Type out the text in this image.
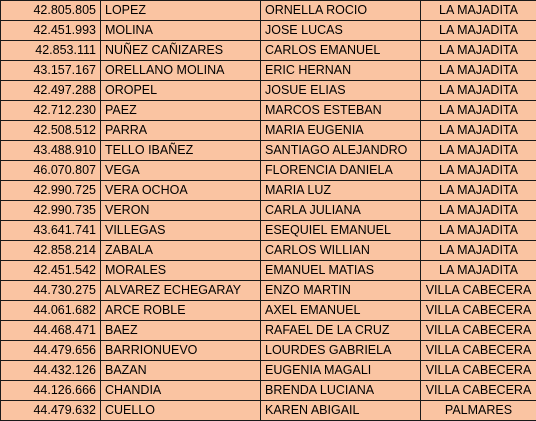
42.805.805	LOPEZ	ORNELLA ROCIO	LA MAJADITA
42.451.993	MOLINA	JOSE LUCAS	LA MAJADITA
42.853.111	NUÑEZ CAÑIZARES	CARLOS EMANUEL	LA MAJADITA
43.157.167	ORELLANO MOLINA	ERIC HERNAN	LA MAJADITA
42.497.288	OROPEL	JOSUE ELIAS	LA MAJADITA
42.712.230	PAEZ	MARCOS ESTEBAN	LA MAJADITA
42.508.512	PARRA	MARIA EUGENIA	LA MAJADITA
43.488.910	TELLO IBAÑEZ	SANTIAGO ALEJANDRO	LA MAJADITA
46.070.807	VEGA	FLORENCIA DANIELA	LA MAJADITA
42.990.725	VERA OCHOA	MARIA LUZ	LA MAJADITA
42.990.735	VERON	CARLA JULIANA	LA MAJADITA
43.641.741	VILLEGAS	ESEQUIEL EMANUEL	LA MAJADITA
42.858.214	ZABALA	CARLOS WILLIAN	LA MAJADITA
42.451.542	MORALES	EMANUEL MATIAS	LA MAJADITA
44.730.275	ALVAREZ ECHEGARAY	ENZO MARTIN	VILLA CABECERA
44.061.682	ARCE ROBLE	AXEL EMANUEL	VILLA CABECERA
44.468.471	BAEZ	RAFAEL DE LA CRUZ	VILLA CABECERA
44.479.656	BARRIONUEVO	LOURDES GABRIELA	VILLA CABECERA
44.432.126	BAZAN	EUGENIA MAGALI	VILLA CABECERA
44.126.666	CHANDIA	BRENDA LUCIANA	VILLA CABECERA
44.479.632	CUELLO	KAREN ABIGAIL	PALMARES
